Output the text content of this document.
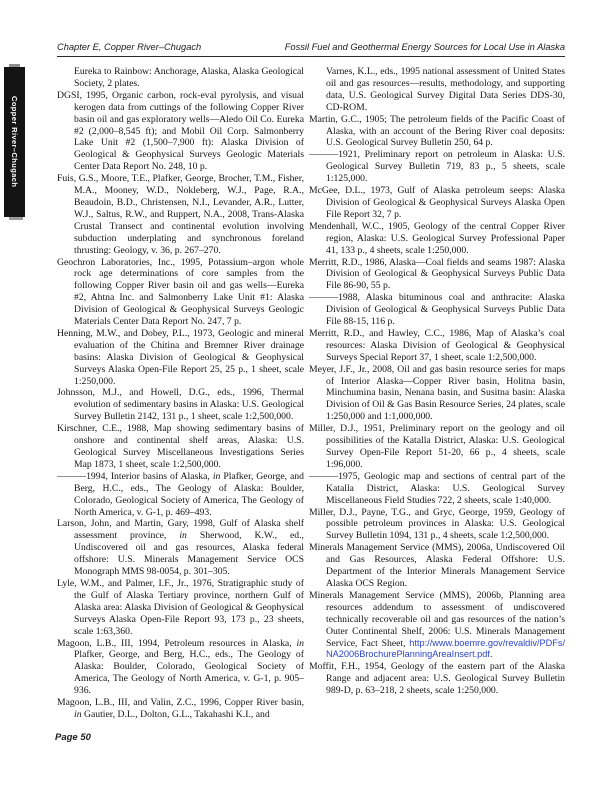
Copper River–Chugach
Chapter E, Copper River–Chugach	Fossil Fuel and Geothermal Energy Sources for Local Use in Alaska

Eureka to Rainbow: Anchorage, Alaska, Alaska Geological Society, 2 plates.

DGSI, 1995, Organic carbon, rock-eval pyrolysis, and visual kerogen data from cuttings of the following Copper River basin oil and gas exploratory wells—Aledo Oil Co. Eureka #2 (2,000–8,545 ft); and Mobil Oil Corp. Salmonberry Lake Unit #2 (1,500–7,900 ft): Alaska Division of Geological & Geophysical Surveys Geologic Materials Center Data Report No. 248, 10 p.

Fuis, G.S., Moore, T.E., Plafker, George, Brocher, T.M., Fisher, M.A., Mooney, W.D., Nokleberg, W.J., Page, R.A., Beaudoin, B.D., Christensen, N.I., Levander, A.R., Lutter, W.J., Saltus, R.W., and Ruppert, N.A., 2008, Trans-Alaska Crustal Transect and continental evolution involving subduction underplating and synchronous foreland thrusting: Geology, v. 36, p. 267–270.

Geochron Laboratories, Inc., 1995, Potassium–argon whole rock age determinations of core samples from the following Copper River basin oil and gas wells—Eureka #2, Ahtna Inc. and Salmonberry Lake Unit #1: Alaska Division of Geological & Geophysical Surveys Geologic Materials Center Data Report No. 247, 7 p.

Henning, M.W., and Dobey, P.L., 1973, Geologic and mineral evaluation of the Chitina and Bremner River drainage basins: Alaska Division of Geological & Geophysical Surveys Alaska Open-File Report 25, 25 p., 1 sheet, scale 1:250,000.

Johnsson, M.J., and Howell, D.G., eds., 1996, Thermal evolution of sedimentary basins in Alaska: U.S. Geological Survey Bulletin 2142, 131 p., 1 sheet, scale 1:2,500,000.

Kirschner, C.E., 1988, Map showing sedimentary basins of onshore and continental shelf areas, Alaska: U.S. Geological Survey Miscellaneous Investigations Series Map 1873, 1 sheet, scale 1:2,500,000.

———1994, Interior basins of Alaska, in Plafker, George, and Berg, H.C., eds., The Geology of Alaska: Boulder, Colorado, Geological Society of America, The Geology of North America, v. G-1, p. 469–493.

Larson, John, and Martin, Gary, 1998, Gulf of Alaska shelf assessment province, in Sherwood, K.W., ed., Undiscovered oil and gas resources, Alaska federal offshore: U.S. Minerals Management Service OCS Monograph MMS 98-0054, p. 301–305.

Lyle, W.M., and Palmer, I.F., Jr., 1976, Stratigraphic study of the Gulf of Alaska Tertiary province, northern Gulf of Alaska area: Alaska Division of Geological & Geophysical Surveys Alaska Open-File Report 93, 173 p., 23 sheets, scale 1:63,360.

Magoon, L.B., III, 1994, Petroleum resources in Alaska, in Plafker, George, and Berg, H.C., eds., The Geology of Alaska: Boulder, Colorado, Geological Society of America, The Geology of North America, v. G-1, p. 905–936.

Magoon, L.B., III, and Valin, Z.C., 1996, Copper River basin, in Gautier, D.L., Dolton, G.L., Takahashi K.I., and

Varnes, K.L., eds., 1995 national assessment of United States oil and gas resources—results, methodology, and supporting data, U.S. Geological Survey Digital Data Series DDS-30, CD-ROM.

Martin, G.C., 1905; The petroleum fields of the Pacific Coast of Alaska, with an account of the Bering River coal deposits: U.S. Geological Survey Bulletin 250, 64 p.

———1921, Preliminary report on petroleum in Alaska: U.S. Geological Survey Bulletin 719, 83 p., 5 sheets, scale 1:125,000.

McGee, D.L., 1973, Gulf of Alaska petroleum seeps: Alaska Division of Geological & Geophysical Surveys Alaska Open File Report 32, 7 p.

Mendenhall, W.C., 1905, Geology of the central Copper River region, Alaska: U.S. Geological Survey Professional Paper 41, 133 p., 4 sheets, scale 1:250,000.

Merritt, R.D., 1986, Alaska—Coal fields and seams 1987: Alaska Division of Geological & Geophysical Surveys Public Data File 86-90, 55 p.

———1988, Alaska bituminous coal and anthracite: Alaska Division of Geological & Geophysical Surveys Public Data File 88-15, 116 p.

Merritt, R.D., and Hawley, C.C., 1986, Map of Alaska’s coal resources: Alaska Division of Geological & Geophysical Surveys Special Report 37, 1 sheet, scale 1:2,500,000.

Meyer, J.F., Jr., 2008, Oil and gas basin resource series for maps of Interior Alaska—Copper River basin, Holitna basin, Minchumina basin, Nenana basin, and Susitna basin: Alaska Division of Oil & Gas Basin Resource Series, 24 plates, scale 1:250,000 and 1:1,000,000.

Miller, D.J., 1951, Preliminary report on the geology and oil possibilities of the Katalla District, Alaska: U.S. Geological Survey Open-File Report 51-20, 66 p., 4 sheets, scale 1:96,000.

———1975, Geologic map and sections of central part of the Katalla District, Alaska: U.S. Geological Survey Miscellaneous Field Studies 722, 2 sheets, scale 1:40,000.

Miller, D.J., Payne, T.G., and Gryc, George, 1959, Geology of possible petroleum provinces in Alaska: U.S. Geological Survey Bulletin 1094, 131 p., 4 sheets, scale 1:2,500,000.

Minerals Management Service (MMS), 2006a, Undiscovered Oil and Gas Resources, Alaska Federal Offshore: U.S. Department of the Interior Minerals Management Service Alaska OCS Region.

Minerals Management Service (MMS), 2006b, Planning area resources addendum to assessment of undiscovered technically recoverable oil and gas resources of the nation’s Outer Continental Shelf, 2006: U.S. Minerals Management Service, Fact Sheet, http://www.boemre.gov/revaldiv/PDFs/NA2006BrochurePlanningAreaInsert.pdf.

Moffit, F.H., 1954, Geology of the eastern part of the Alaska Range and adjacent area: U.S. Geological Survey Bulletin 989-D, p. 63–218, 2 sheets, scale 1:250,000.

Page 50
